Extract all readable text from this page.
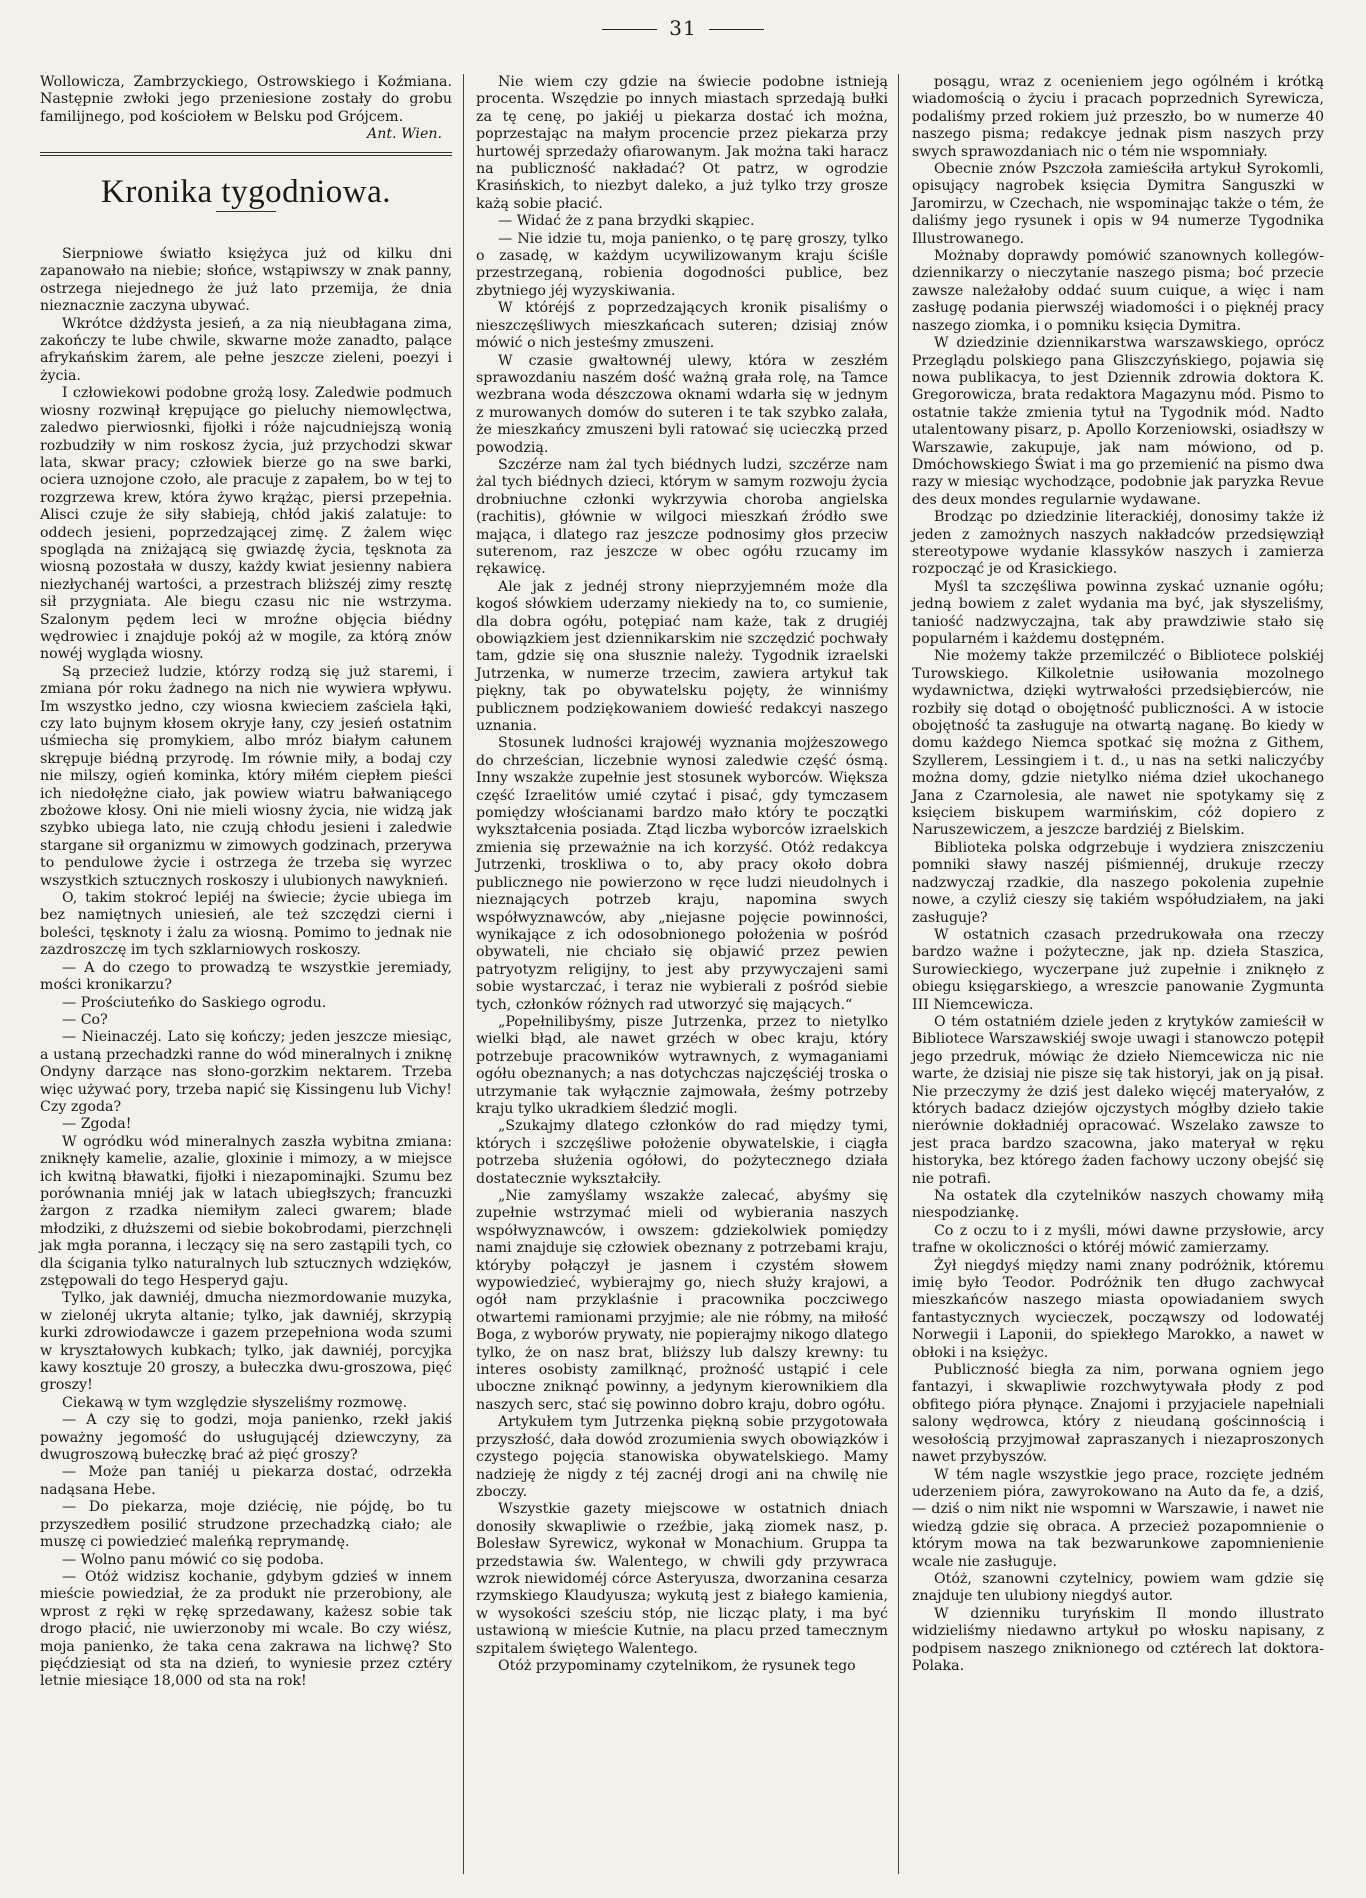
31

Wollowicza, Zambrzyckiego, Ostrowskiego i Koźmiana. Następnie zwłoki jego przeniesione zostały do grobu familijnego, pod kościołem w Belsku pod Grójcem.

Ant. Wien.
Kronika tygodniowa.

Sierpniowe światło księżyca już od kilku dni zapanowało na niebie; słońce, wstąpiwszy w znak panny, ostrzega niejednego że już lato przemija, że dnia nieznacznie zaczyna ubywać.

Wkrótce dżdżysta jesień, a za nią nieubłagana zima, zakończy te lube chwile, skwarne może zanadto, palące afrykańskim żarem, ale pełne jeszcze zieleni, poezyi i życia.

I człowiekowi podobne grożą losy. Zaledwie podmuch wiosny rozwinął krępujące go pieluchy niemowlęctwa, zaledwo pierwiosnki, fijołki i róże najcudniejszą wonią rozbudziły w nim roskosz życia, już przychodzi skwar lata, skwar pracy; człowiek bierze go na swe barki, ociera uznojone czoło, ale pracuje z zapałem, bo w tej to rozgrzewa krew, która żywo krążąc, piersi przepełnia. Alisci czuje że siły słabieją, chłód jakiś zalatuje: to oddech jesieni, poprzedzającej zimę. Z żalem więc spogląda na zniżającą się gwiazdę życia, tęsknota za wiosną pozostała w duszy, każdy kwiat jesienny nabiera niezłychanéj wartości, a przestrach bliższéj zimy resztę sił przygniata. Ale biegu czasu nic nie wstrzyma. Szalonym pędem leci w mroźne objęcia biédny wędrowiec i znajduje pokój aż w mogile, za którą znów nowéj wygląda wiosny.

Są przecież ludzie, którzy rodzą się już staremi, i zmiana pór roku żadnego na nich nie wywiera wpływu. Im wszystko jedno, czy wiosna kwieciem zaściela łąki, czy lato bujnym kłosem okryje łany, czy jesień ostatnim uśmiecha się promykiem, albo mróz białym całunem skrępuje biédną przyrodę. Im równie miły, a bodaj czy nie milszy, ogień kominka, który miłém ciepłem pieści ich niedołężne ciało, jak powiew wiatru bałwaniącego zbożowe kłosy. Oni nie mieli wiosny życia, nie widzą jak szybko ubiega lato, nie czują chłodu jesieni i zaledwie stargane sił organizmu w zimowych godzinach, przerywa to pendulowe życie i ostrzega że trzeba się wyrzec wszystkich sztucznych roskoszy i ulubionych nawyknień.

O, takim stokroć lepiéj na świecie; życie ubiega im bez namiętnych uniesień, ale też szczędzi cierni i boleści, tęsknoty i żalu za wiosną. Pomimo to jednak nie zazdroszczę im tych szklarniowych roskoszy.

— A do czego to prowadzą te wszystkie jeremiady, mości kronikarzu?

— Prościuteńko do Saskiego ogrodu.

— Co?

— Nieinaczéj. Lato się kończy; jeden jeszcze miesiąc, a ustaną przechadzki ranne do wód mineralnych i zniknę Ondyny darzące nas słono-gorzkim nektarem. Trzeba więc używać pory, trzeba napić się Kissingenu lub Vichy! Czy zgoda?

— Zgoda!

W ogródku wód mineralnych zaszła wybitna zmiana: zniknęły kamelie, azalie, gloxinie i mimozy, a w miejsce ich kwitną bławatki, fijołki i niezapominajki. Szumu bez porównania mniéj jak w latach ubiegłszych; francuzki żargon z rzadka niemiłym zaleci gwarem; blade młodziki, z dłuższemi od siebie bokobrodami, pierzchnęli jak mgła poranna, i leczący się na sero zastąpili tych, co dla ścigania tylko naturalnych lub sztucznych wdzięków, zstępowali do tego Hesperyd gaju.

Tylko, jak dawniéj, dmucha niezmordowanie muzyka, w zielonéj ukryta altanie; tylko, jak dawniéj, skrzypią kurki zdrowiodawcze i gazem przepełniona woda szumi w kryształowych kubkach; tylko, jak dawniéj, porcyjka kawy kosztuje 20 groszy, a bułeczka dwu-groszowa, pięć groszy!

Ciekawą w tym względzie słyszeliśmy rozmowę.

— A czy się to godzi, moja panienko, rzekł jakiś poważny jegomość do usługującéj dziewczyny, za dwugroszową bułeczkę brać aż pięć groszy?

— Może pan taniéj u piekarza dostać, odrzekła nadąsana Hebe.

— Do piekarza, moje dziécię, nie pójdę, bo tu przyszedłem posilić strudzone przechadzką ciało; ale muszę ci powiedzieć maleńką reprymandę.

— Wolno panu mówić co się podoba.

— Otóż widzisz kochanie, gdybym gdzieś w innem mieście powiedział, że za produkt nie przerobiony, ale wprost z ręki w rękę sprzedawany, każesz sobie tak drogo płacić, nie uwierzonoby mi wcale. Bo czy wiész, moja panienko, że taka cena zakrawa na lichwę? Sto pięćdziesiąt od sta na dzień, to wyniesie przez cztéry letnie miesiące 18,000 od sta na rok!

Nie wiem czy gdzie na świecie podobne istnieją procenta. Wszędzie po innych miastach sprzedają bułki za tę cenę, po jakiéj u piekarza dostać ich można, poprzestając na małym procencie przez piekarza przy hurtowéj sprzedaży ofiarowanym. Jak można taki haracz na publiczność nakładać? Ot patrz, w ogrodzie Krasińskich, to niezbyt daleko, a już tylko trzy grosze każą sobie płacić.

— Widać że z pana brzydki skąpiec.

— Nie idzie tu, moja panienko, o tę parę groszy, tylko o zasadę, w każdym ucywilizowanym kraju ściśle przestrzeganą, robienia dogodności publice, bez zbytniego jéj wyzyskiwania.

W któréjś z poprzedzających kronik pisaliśmy o nieszczęśliwych mieszkańcach suteren; dzisiaj znów mówić o nich jesteśmy zmuszeni.

W czasie gwałtownéj ulewy, która w zeszłém sprawozdaniu naszém dość ważną grała rolę, na Tamce wezbrana woda dészczowa oknami wdarła się w jednym z murowanych domów do suteren i te tak szybko zalała, że mieszkańcy zmuszeni byli ratować się ucieczką przed powodzią.

Szczérze nam żal tych biédnych ludzi, szczérze nam żal tych biédnych dzieci, którym w samym rozwoju życia drobniuchne członki wykrzywia choroba angielska (rachitis), głównie w wilgoci mieszkań źródło swe mająca, i dlatego raz jeszcze podnosimy głos przeciw suterenom, raz jeszcze w obec ogółu rzucamy im rękawicę.

Ale jak z jednéj strony nieprzyjemném może dla kogoś słówkiem uderzamy niekiedy na to, co sumienie, dla dobra ogółu, potępiać nam każe, tak z drugiéj obowiązkiem jest dziennikarskim nie szczędzić pochwały tam, gdzie się ona słusznie należy. Tygodnik izraelski Jutrzenka, w numerze trzecim, zawiera artykuł tak piękny, tak po obywatelsku pojęty, że winniśmy publicznem podziękowaniem dowieść redakcyi naszego uznania.

Stosunek ludności krajowéj wyznania mojżeszowego do chrześcian, liczebnie wynosi zaledwie część ósmą. Inny wszakże zupełnie jest stosunek wyborców. Większa część Izraelitów umié czytać i pisać, gdy tymczasem pomiędzy włościanami bardzo mało który te początki wykształcenia posiada. Ztąd liczba wyborców izraelskich zmienia się przeważnie na ich korzyść. Otóż redakcya Jutrzenki, troskliwa o to, aby pracy około dobra publicznego nie powierzono w ręce ludzi nieudolnych i nieznających potrzeb kraju, napomina swych współwyznawców, aby „niejasne pojęcie powinności, wynikające z ich odosobnionego położenia w pośród obywateli, nie chciało się objawić przez pewien patryotyzm religijny, to jest aby przywyczajeni sami sobie wystarczać, i teraz nie wybierali z pośród siebie tych, członków różnych rad utworzyć się mających.“

„Popełnilibyśmy, pisze Jutrzenka, przez to nietylko wielki błąd, ale nawet grzéch w obec kraju, który potrzebuje pracowników wytrawnych, z wymaganiami ogółu obeznanych; a nas dotychczas najczęściéj troska o utrzymanie tak wyłącznie zajmowała, żeśmy potrzeby kraju tylko ukradkiem śledzić mogli.

„Szukajmy dlatego członków do rad między tymi, których i szczęśliwe położenie obywatelskie, i ciągła potrzeba służenia ogółowi, do pożytecznego działa dostatecznie wykształciły.

„Nie zamyślamy wszakże zalecać, abyśmy się zupełnie wstrzymać mieli od wybierania naszych współwyznawców, i owszem: gdziekolwiek pomiędzy nami znajduje się człowiek obeznany z potrzebami kraju, któryby połączył je jasnem i czystém słowem wypowiedzieć, wybierajmy go, niech służy krajowi, a ogół nam przyklaśnie i pracownika poczciwego otwartemi ramionami przyjmie; ale nie róbmy, na miłość Boga, z wyborów prywaty, nie popierajmy nikogo dlatego tylko, że on nasz brat, bliższy lub dalszy krewny: tu interes osobisty zamilknąć, prożność ustąpić i cele uboczne zniknąć powinny, a jedynym kierownikiem dla naszych serc, stać się powinno dobro kraju, dobro ogółu.

Artykułem tym Jutrzenka piękną sobie przygotowała przyszłość, dała dowód zrozumienia swych obowiązków i czystego pojęcia stanowiska obywatelskiego. Mamy nadzieję że nigdy z téj zacnéj drogi ani na chwilę nie zboczy.

Wszystkie gazety miejscowe w ostatnich dniach donosiły skwapliwie o rzeźbie, jaką ziomek nasz, p. Bolesław Syrewicz, wykonał w Monachium. Gruppa ta przedstawia św. Walentego, w chwili gdy przywraca wzrok niewidoméj córce Asteryusza, dworzanina cesarza rzymskiego Klaudyusza; wykutą jest z białego kamienia, w wysokości sześciu stóp, nie licząc platy, i ma być ustawioną w mieście Kutnie, na placu przed tamecznym szpitalem świętego Walentego.

Otóż przypominamy czytelnikom, że rysunek tego

posągu, wraz z ocenieniem jego ogólném i krótką wiadomością o życiu i pracach poprzednich Syrewicza, podaliśmy przed rokiem już przeszło, bo w numerze 40 naszego pisma; redakcye jednak pism naszych przy swych sprawozdaniach nic o tém nie wspomniały.

Obecnie znów Pszczoła zamieściła artykuł Syrokomli, opisujący nagrobek księcia Dymitra Sanguszki w Jaromirzu, w Czechach, nie wspominając także o tém, że daliśmy jego rysunek i opis w 94 numerze Tygodnika Illustrowanego.

Możnaby doprawdy pomówić szanownych kollegów-dziennikarzy o nieczytanie naszego pisma; boć przecie zawsze należałoby oddać suum cuique, a więc i nam zasługę podania pierwszéj wiadomości i o pięknéj pracy naszego ziomka, i o pomniku księcia Dymitra.

W dziedzinie dziennikarstwa warszawskiego, oprócz Przeglądu polskiego pana Gliszczyńskiego, pojawia się nowa publikacya, to jest Dziennik zdrowia doktora K. Gregorowicza, brata redaktora Magazynu mód. Pismo to ostatnie także zmienia tytuł na Tygodnik mód. Nadto utalentowany pisarz, p. Apollo Korzeniowski, osiadłszy w Warszawie, zakupuje, jak nam mówiono, od p. Dmóchowskiego Świat i ma go przemienić na pismo dwa razy w miesiąc wychodzące, podobnie jak paryzka Revue des deux mondes regularnie wydawane.

Brodząc po dziedzinie literackiéj, donosimy także iż jeden z zamożnych naszych nakładców przedsięwziął stereotypowe wydanie klassyków naszych i zamierza rozpocząć je od Krasickiego.

Myśl ta szczęśliwa powinna zyskać uznanie ogółu; jedną bowiem z zalet wydania ma być, jak słyszeliśmy, taniość nadzwyczajna, tak aby prawdziwie stało się popularném i każdemu dostępném.

Nie możemy także przemilczéć o Bibliotece polskiéj Turowskiego. Kilkoletnie usiłowania mozolnego wydawnictwa, dzięki wytrwałości przedsiębierców, nie rozbiły się dotąd o obojętność publiczności. A w istocie obojętność ta zasługuje na otwartą naganę. Bo kiedy w domu każdego Niemca spotkać się można z Githem, Szyllerem, Lessingiem i t. d., u nas na setki naliczyćby można domy, gdzie nietylko niéma dzieł ukochanego Jana z Czarnolesia, ale nawet nie spotykamy się z księciem biskupem warmińskim, cóż dopiero z Naruszewiczem, a jeszcze bardziéj z Bielskim.

Biblioteka polska odgrzebuje i wydziera zniszczeniu pomniki sławy naszéj piśmiennéj, drukuje rzeczy nadzwyczaj rzadkie, dla naszego pokolenia zupełnie nowe, a czyliż cieszy się takiém współudziałem, na jaki zasługuje?

W ostatnich czasach przedrukowała ona rzeczy bardzo ważne i pożyteczne, jak np. dzieła Staszica, Surowieckiego, wyczerpane już zupełnie i zniknęło z obiegu księgarskiego, a wreszcie panowanie Zygmunta III Niemcewicza.

O tém ostatniém dziele jeden z krytyków zamieścił w Bibliotece Warszawskiéj swoje uwagi i stanowczo potępił jego przedruk, mówiąc że dzieło Niemcewicza nic nie warte, że dzisiaj nie pisze się tak historyi, jak on ją pisał. Nie przeczymy że dziś jest daleko więcéj materyałów, z których badacz dziejów ojczystych mógłby dzieło takie nierównie dokładniéj opracować. Wszelako zawsze to jest praca bardzo szacowna, jako materyał w ręku historyka, bez którego żaden fachowy uczony obejść się nie potrafi.

Na ostatek dla czytelników naszych chowamy miłą niespodziankę.

Co z oczu to i z myśli, mówi dawne przysłowie, arcy trafne w okoliczności o któréj mówić zamierzamy.

Żył niegdyś między nami znany podróżnik, któremu imię było Teodor. Podróżnik ten długo zachwycał mieszkańców naszego miasta opowiadaniem swych fantastycznych wycieczek, począwszy od lodowatéj Norwegii i Laponii, do spiekłego Marokko, a nawet w obłoki i na księżyc.

Publiczność biegła za nim, porwana ogniem jego fantazyi, i skwapliwie rozchwytywała płody z pod obfitego pióra płynące. Znajomi i przyjaciele napełniali salony wędrowca, który z nieudaną gościnnością i wesołością przyjmował zapraszanych i niezaproszonych nawet przybyszów.

W tém nagle wszystkie jego prace, rozcięte jedném uderzeniem pióra, zawyrokowano na Auto da fe, a dziś, — dziś o nim nikt nie wspomni w Warszawie, i nawet nie wiedzą gdzie się obraca. A przecież pozapomnienie o którym mowa na tak bezwarunkowe zapomnienienie wcale nie zasługuje.

Otóż, szanowni czytelnicy, powiem wam gdzie się znajduje ten ulubiony niegdyś autor.

W dzienniku turyńskim Il mondo illustrato widzieliśmy niedawno artykuł po włosku napisany, z podpisem naszego zniknionego od cztérech lat doktora-Polaka.
